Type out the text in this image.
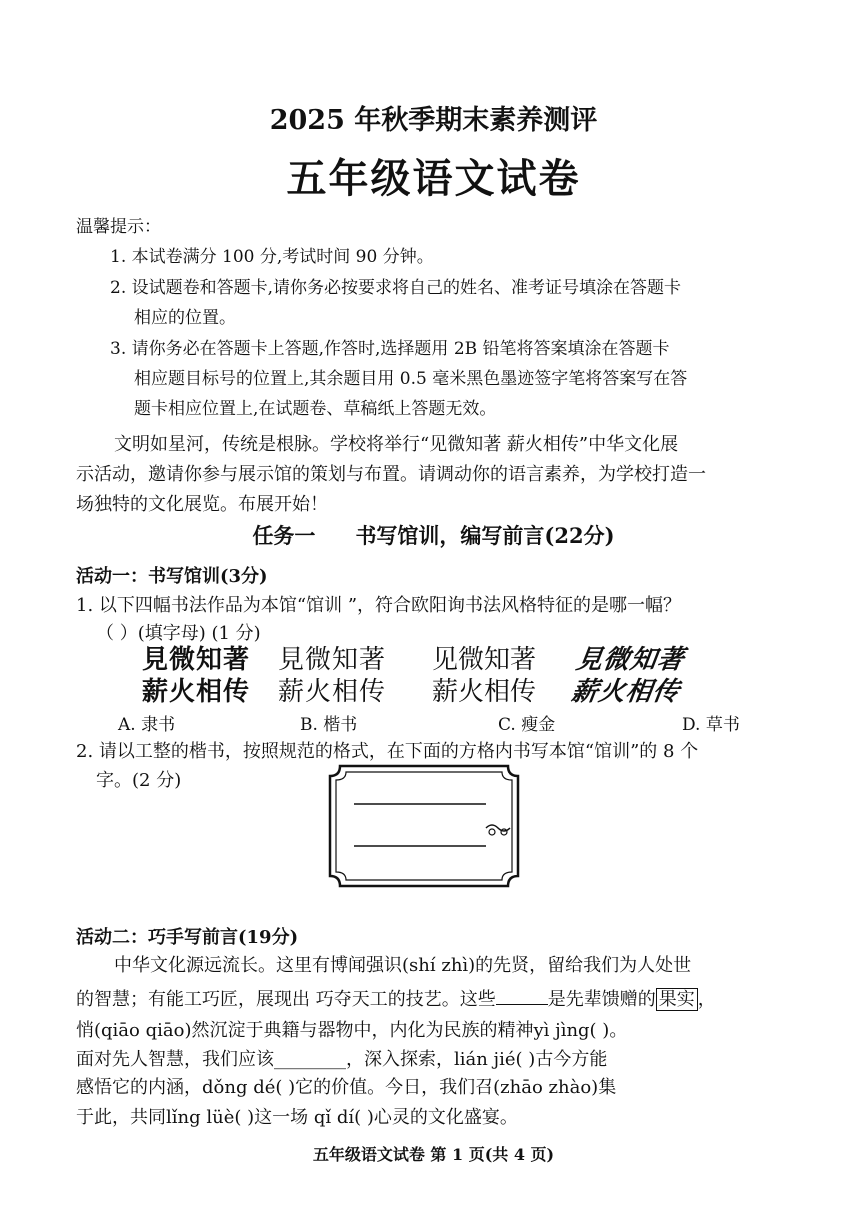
2025 年秋季期末素养测评
五年级语文试卷
温馨提示：
1. 本试卷满分 100 分,考试时间 90 分钟。
2. 设试题卷和答题卡,请你务必按要求将自己的姓名、准考证号填涂在答题卡
相应的位置。
3. 请你务必在答题卡上答题,作答时,选择题用 2B 铅笔将答案填涂在答题卡
相应题目标号的位置上,其余题目用 0.5 毫米黑色墨迹签字笔将答案写在答
题卡相应位置上,在试题卷、草稿纸上答题无效。
文明如星河，传统是根脉。学校将举行“见微知著 薪火相传”中华文化展
示活动，邀请你参与展示馆的策划与布置。请调动你的语言素养，为学校打造一
场独特的文化展览。布展开始！
任务一 书写馆训，编写前言(22分)
活动一：书写馆训(3分)
1. 以下四幅书法作品为本馆“馆训 ”，符合欧阳询书法风格特征的是哪一幅？
（ ）(填字母) (1 分)
見微知著
薪火相传
見微知著
薪火相传
见微知著
薪火相传
見微知著
薪火相传
A. 隶书	B. 楷书	C. 瘦金	D. 草书
2. 请以工整的楷书，按照规范的格式，在下面的方格内书写本馆“馆训”的 8 个
字。(2 分)
活动二：巧手写前言(19分)
中华文化源远流长。这里有博闻强识(shí zhì)的先贤，留给我们为人处世
的智慧；有能工巧匠，展现出 巧夺天工的技艺。这些	是先辈馈赠的 果实 ，
悄(qiāo qiāo)然沉淀于典籍与器物中，内化为民族的精神yì jìng( )。
面对先人智慧，我们应该________，深入探索，lián jié( )古今方能
感悟它的内涵，dǒng dé( )它的价值。今日，我们召(zhāo zhào)集
于此，共同lǐng lüè( )这一场 qǐ dí( )心灵的文化盛宴。
五年级语文试卷 第 1 页(共 4 页)
